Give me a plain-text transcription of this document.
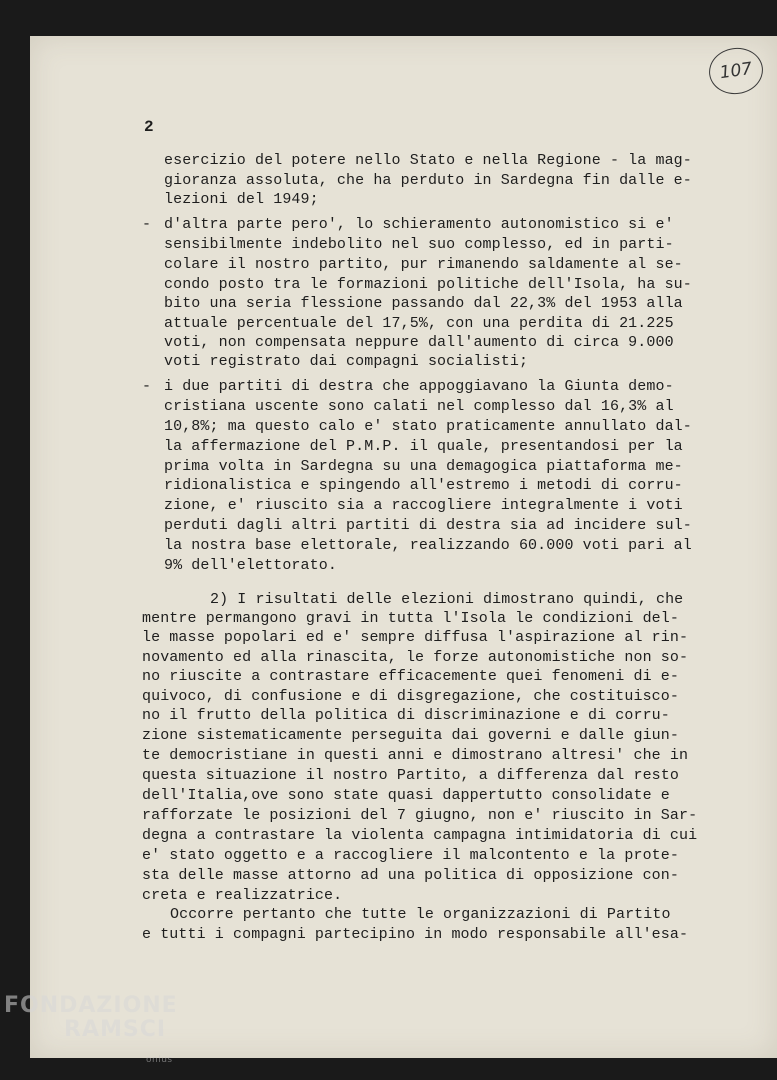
107
2
-
-
esercizio del potere nello Stato e nella Regione - la mag-
gioranza assoluta, che ha perduto in Sardegna fin dalle e-
lezioni del 1949;
d'altra parte pero', lo schieramento autonomistico si e'
sensibilmente indebolito nel suo complesso, ed in parti-
colare il nostro partito, pur rimanendo saldamente al se-
condo posto tra le formazioni politiche dell'Isola, ha su-
bito una seria flessione passando dal 22,3% del 1953 alla
attuale percentuale del 17,5%, con una perdita di 21.225
voti, non compensata neppure dall'aumento di circa 9.000
voti registrato dai compagni socialisti;
i due partiti di destra che appoggiavano la Giunta demo-
cristiana uscente sono calati nel complesso dal 16,3% al
10,8%; ma questo calo e' stato praticamente annullato dal-
la affermazione del P.M.P. il quale, presentandosi per la
prima volta in Sardegna su una demagogica piattaforma me-
ridionalistica e spingendo all'estremo i metodi di corru-
zione, e' riuscito sia a raccogliere integralmente i voti
perduti dagli altri partiti di destra sia ad incidere sul-
la nostra base elettorale, realizzando 60.000 voti pari al
9% dell'elettorato.
2) I risultati delle elezioni dimostrano quindi, che
mentre permangono gravi in tutta l'Isola le condizioni del-
le masse popolari ed e' sempre diffusa l'aspirazione al rin-
novamento ed alla rinascita, le forze autonomistiche non so-
no riuscite a contrastare efficacemente quei fenomeni di e-
quivoco, di confusione e di disgregazione, che costituisco-
no il frutto della politica di discriminazione e di corru-
zione sistematicamente perseguita dai governi e dalle giun-
te democristiane in questi anni e dimostrano altresi' che in
questa situazione il nostro Partito, a differenza dal resto
dell'Italia,ove sono state quasi dappertutto consolidate e
rafforzate le posizioni del 7 giugno, non e' riuscito in Sar-
degna a contrastare la violenta campagna intimidatoria di cui
e' stato oggetto e a raccogliere il malcontento e la prote-
sta delle masse attorno ad una politica di opposizione con-
creta e realizzatrice.
Occorre pertanto che tutte le organizzazioni di Partito
e tutti i compagni partecipino in modo responsabile all'esa-
FONDAZIONE
RAMSCI
onlus
